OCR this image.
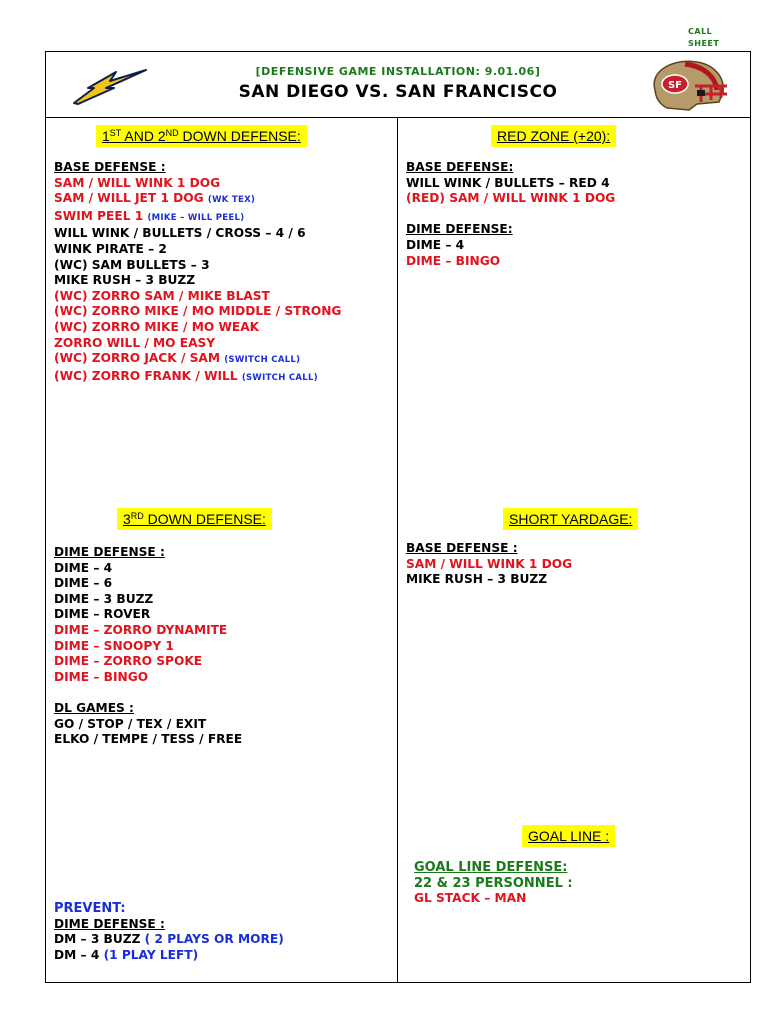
CALL
SHEET
SF
[DEFENSIVE GAME INSTALLATION: 9.01.06]
SAN DIEGO VS. SAN FRANCISCO
1ST AND 2ND DOWN DEFENSE:
BASE DEFENSE :
SAM / WILL WINK 1 DOG
SAM / WILL JET 1 DOG (WK TEX)
SWIM PEEL 1 (MIKE – WILL PEEL)
WILL WINK / BULLETS / CROSS – 4 / 6
WINK PIRATE – 2
(WC) SAM BULLETS – 3
MIKE RUSH – 3 BUZZ
(WC) ZORRO SAM / MIKE BLAST
(WC) ZORRO MIKE / MO MIDDLE / STRONG
(WC) ZORRO MIKE / MO WEAK
ZORRO WILL / MO EASY
(WC) ZORRO JACK / SAM (SWITCH CALL)
(WC) ZORRO FRANK / WILL (SWITCH CALL)
RED ZONE (+20):
BASE DEFENSE:
WILL WINK / BULLETS – RED 4
(RED) SAM / WILL WINK 1 DOG
DIME DEFENSE:
DIME – 4
DIME – BINGO
3RD DOWN DEFENSE:
DIME DEFENSE :
DIME – 4
DIME – 6
DIME – 3 BUZZ
DIME – ROVER
DIME – ZORRO DYNAMITE
DIME – SNOOPY 1
DIME – ZORRO SPOKE
DIME – BINGO
DL GAMES :
GO / STOP / TEX / EXIT
ELKO / TEMPE / TESS / FREE
SHORT YARDAGE:
BASE DEFENSE :
SAM / WILL WINK 1 DOG
MIKE RUSH – 3 BUZZ
GOAL LINE :
GOAL LINE DEFENSE:
22 & 23 PERSONNEL :
GL STACK – MAN
PREVENT:
DIME DEFENSE :
DM – 3 BUZZ ( 2 PLAYS OR MORE)
DM – 4 (1 PLAY LEFT)
